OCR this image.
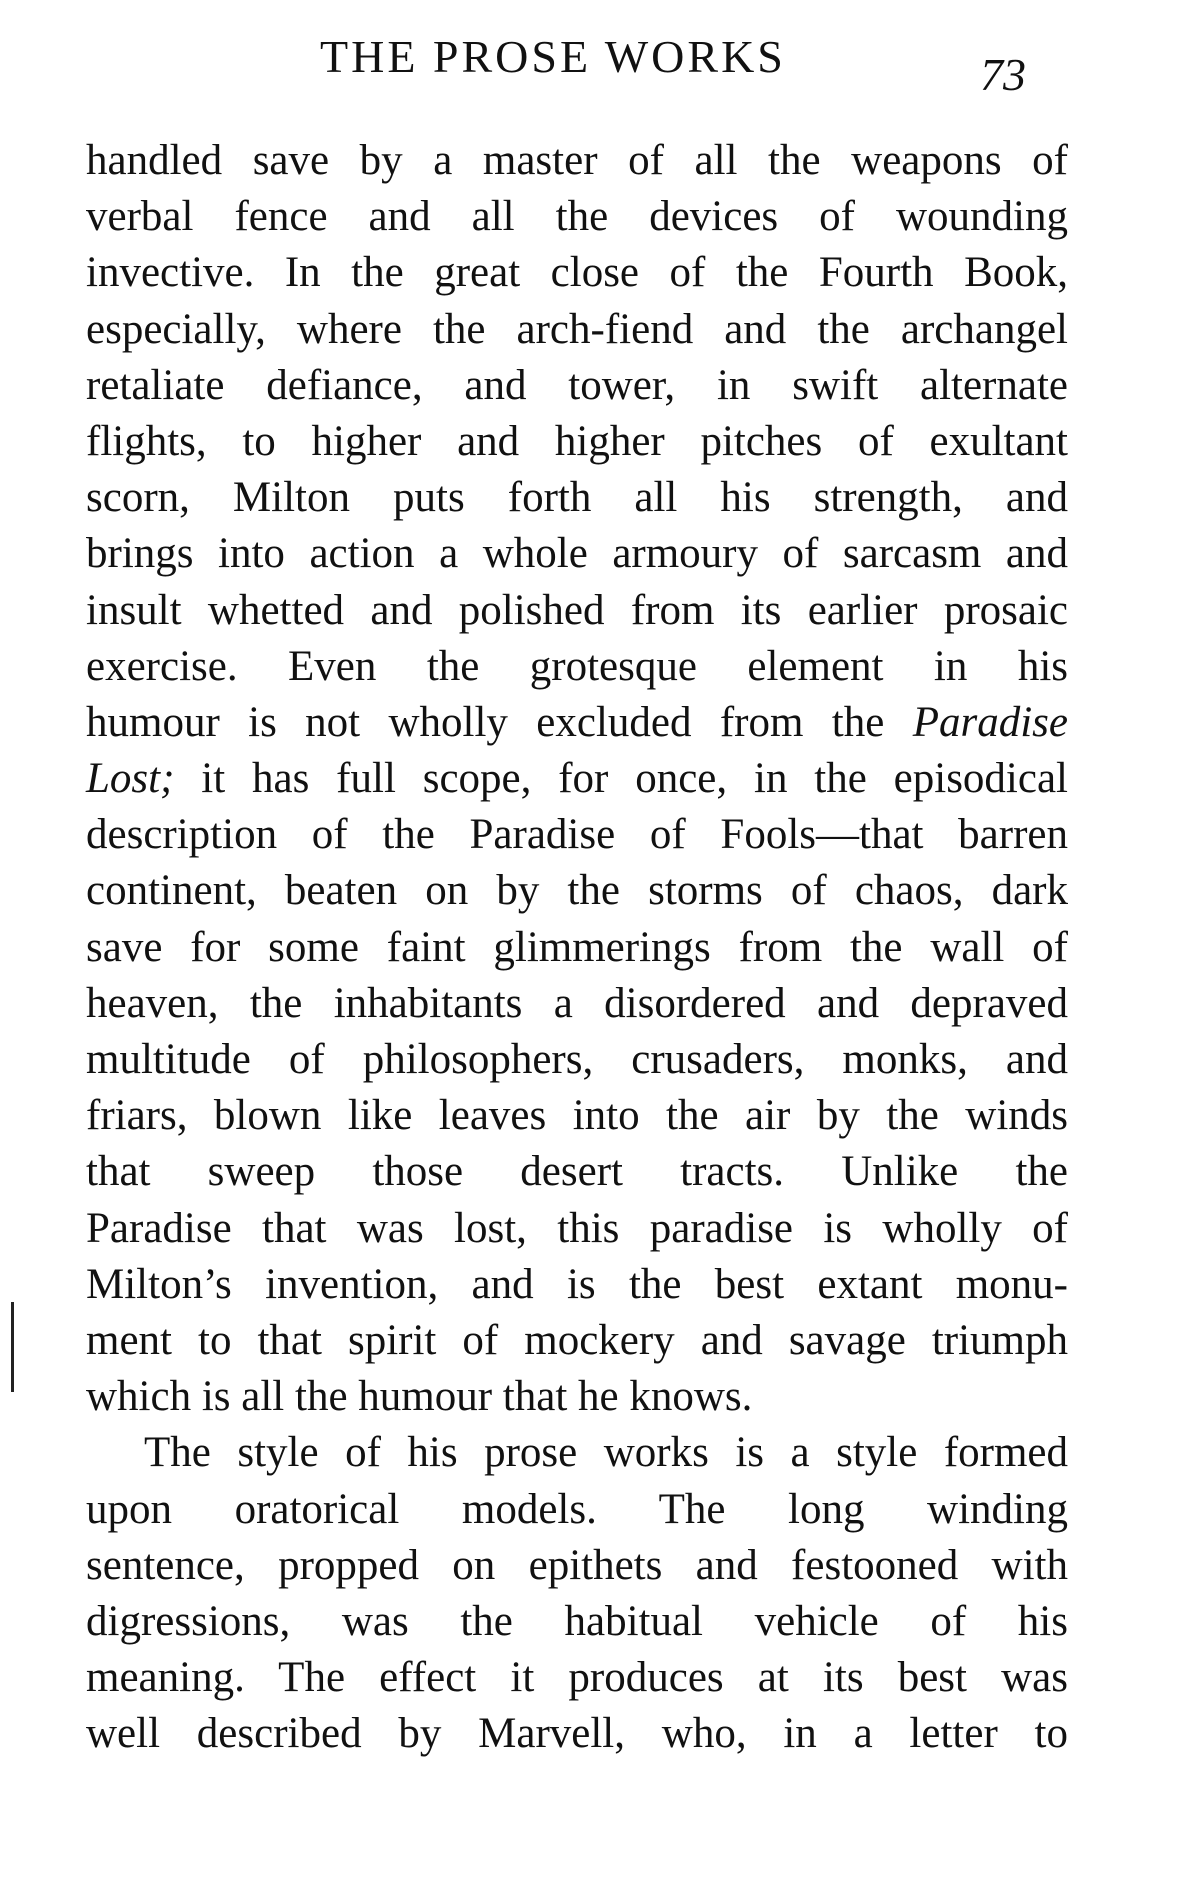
THE PROSE WORKS	73
handled save by a master of all the weapons of
verbal fence and all the devices of wounding
invective. In the great close of the Fourth Book,
especially, where the arch-fiend and the archangel
retaliate defiance, and tower, in swift alternate
flights, to higher and higher pitches of exultant
scorn, Milton puts forth all his strength, and
brings into action a whole armoury of sarcasm and
insult whetted and polished from its earlier prosaic
exercise. Even the grotesque element in his
humour is not wholly excluded from the Paradise
Lost; it has full scope, for once, in the episodical
description of the Paradise of Fools—that barren
continent, beaten on by the storms of chaos, dark
save for some faint glimmerings from the wall of
heaven, the inhabitants a disordered and depraved
multitude of philosophers, crusaders, monks, and
friars, blown like leaves into the air by the winds
that sweep those desert tracts. Unlike the
Paradise that was lost, this paradise is wholly of
Milton’s invention, and is the best extant monu-
ment to that spirit of mockery and savage triumph
which is all the humour that he knows.
The style of his prose works is a style formed
upon oratorical models. The long winding
sentence, propped on epithets and festooned with
digressions, was the habitual vehicle of his
meaning. The effect it produces at its best was
well described by Marvell, who, in a letter to
